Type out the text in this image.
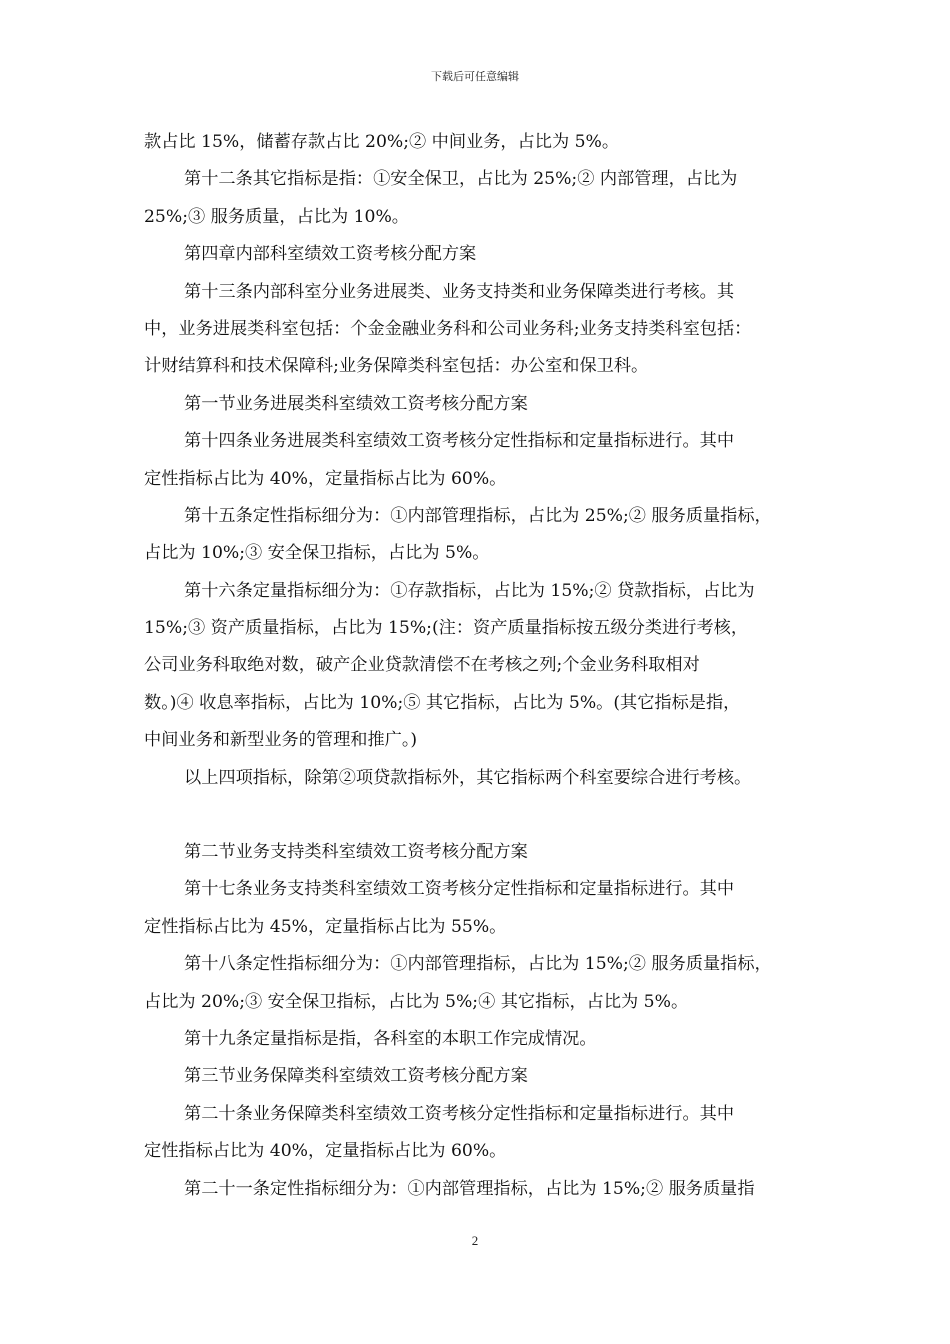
下载后可任意编辑
款占比 15%，储蓄存款占比 20%;② 中间业务，占比为 5%。
第十二条其它指标是指：①安全保卫，占比为 25%;② 内部管理，占比为
25%;③ 服务质量，占比为 10%。
第四章内部科室绩效工资考核分配方案
第十三条内部科室分业务进展类、业务支持类和业务保障类进行考核。其
中，业务进展类科室包括：个金金融业务科和公司业务科;业务支持类科室包括：
计财结算科和技术保障科;业务保障类科室包括：办公室和保卫科。
第一节业务进展类科室绩效工资考核分配方案
第十四条业务进展类科室绩效工资考核分定性指标和定量指标进行。其中
定性指标占比为 40%，定量指标占比为 60%。
第十五条定性指标细分为：①内部管理指标，占比为 25%;② 服务质量指标，
占比为 10%;③ 安全保卫指标，占比为 5%。
第十六条定量指标细分为：①存款指标，占比为 15%;② 贷款指标，占比为
15%;③ 资产质量指标，占比为 15%;(注：资产质量指标按五级分类进行考核，
公司业务科取绝对数，破产企业贷款清偿不在考核之列;个金业务科取相对
数。)④ 收息率指标，占比为 10%;⑤ 其它指标，占比为 5%。(其它指标是指，
中间业务和新型业务的管理和推广。)
以上四项指标，除第②项贷款指标外，其它指标两个科室要综合进行考核。
第二节业务支持类科室绩效工资考核分配方案
第十七条业务支持类科室绩效工资考核分定性指标和定量指标进行。其中
定性指标占比为 45%，定量指标占比为 55%。
第十八条定性指标细分为：①内部管理指标，占比为 15%;② 服务质量指标，
占比为 20%;③ 安全保卫指标，占比为 5%;④ 其它指标，占比为 5%。
第十九条定量指标是指，各科室的本职工作完成情况。
第三节业务保障类科室绩效工资考核分配方案
第二十条业务保障类科室绩效工资考核分定性指标和定量指标进行。其中
定性指标占比为 40%，定量指标占比为 60%。
第二十一条定性指标细分为：①内部管理指标，占比为 15%;② 服务质量指
2
